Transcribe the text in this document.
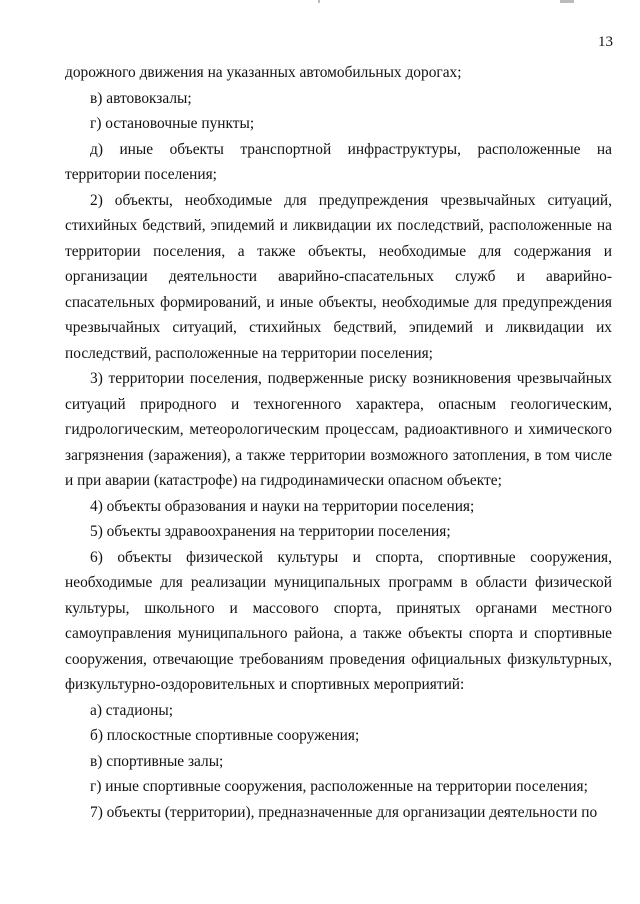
13

дорожного движения на указанных автомобильных дорогах;

в) автовокзалы;

г) остановочные пункты;

д) иные объекты транспортной инфраструктуры, расположенные на территории поселения;

2) объекты, необходимые для предупреждения чрезвычайных ситуаций, стихийных бедствий, эпидемий и ликвидации их последствий, расположенные на территории поселения, а также объекты, необходимые для содержания и организации деятельности аварийно-спасательных служб и аварийно-спасательных формирований, и иные объекты, необходимые для предупреждения чрезвычайных ситуаций, стихийных бедствий, эпидемий и ликвидации их последствий, расположенные на территории поселения;

3) территории поселения, подверженные риску возникновения чрезвычайных ситуаций природного и техногенного характера, опасным геологическим, гидрологическим, метеорологическим процессам, радиоактивного и химического загрязнения (заражения), а также территории возможного затопления, в том числе и при аварии (катастрофе) на гидродинамически опасном объекте;

4) объекты образования и науки на территории поселения;

5) объекты здравоохранения на территории поселения;

6) объекты физической культуры и спорта, спортивные сооружения, необходимые для реализации муниципальных программ в области физической культуры, школьного и массового спорта, принятых органами местного самоуправления муниципального района, а также объекты спорта и спортивные сооружения, отвечающие требованиям проведения официальных физкультурных, физкультурно-оздоровительных и спортивных мероприятий:

а) стадионы;

б) плоскостные спортивные сооружения;

в) спортивные залы;

г) иные спортивные сооружения, расположенные на территории поселения;

7) объекты (территории), предназначенные для организации деятельности по
